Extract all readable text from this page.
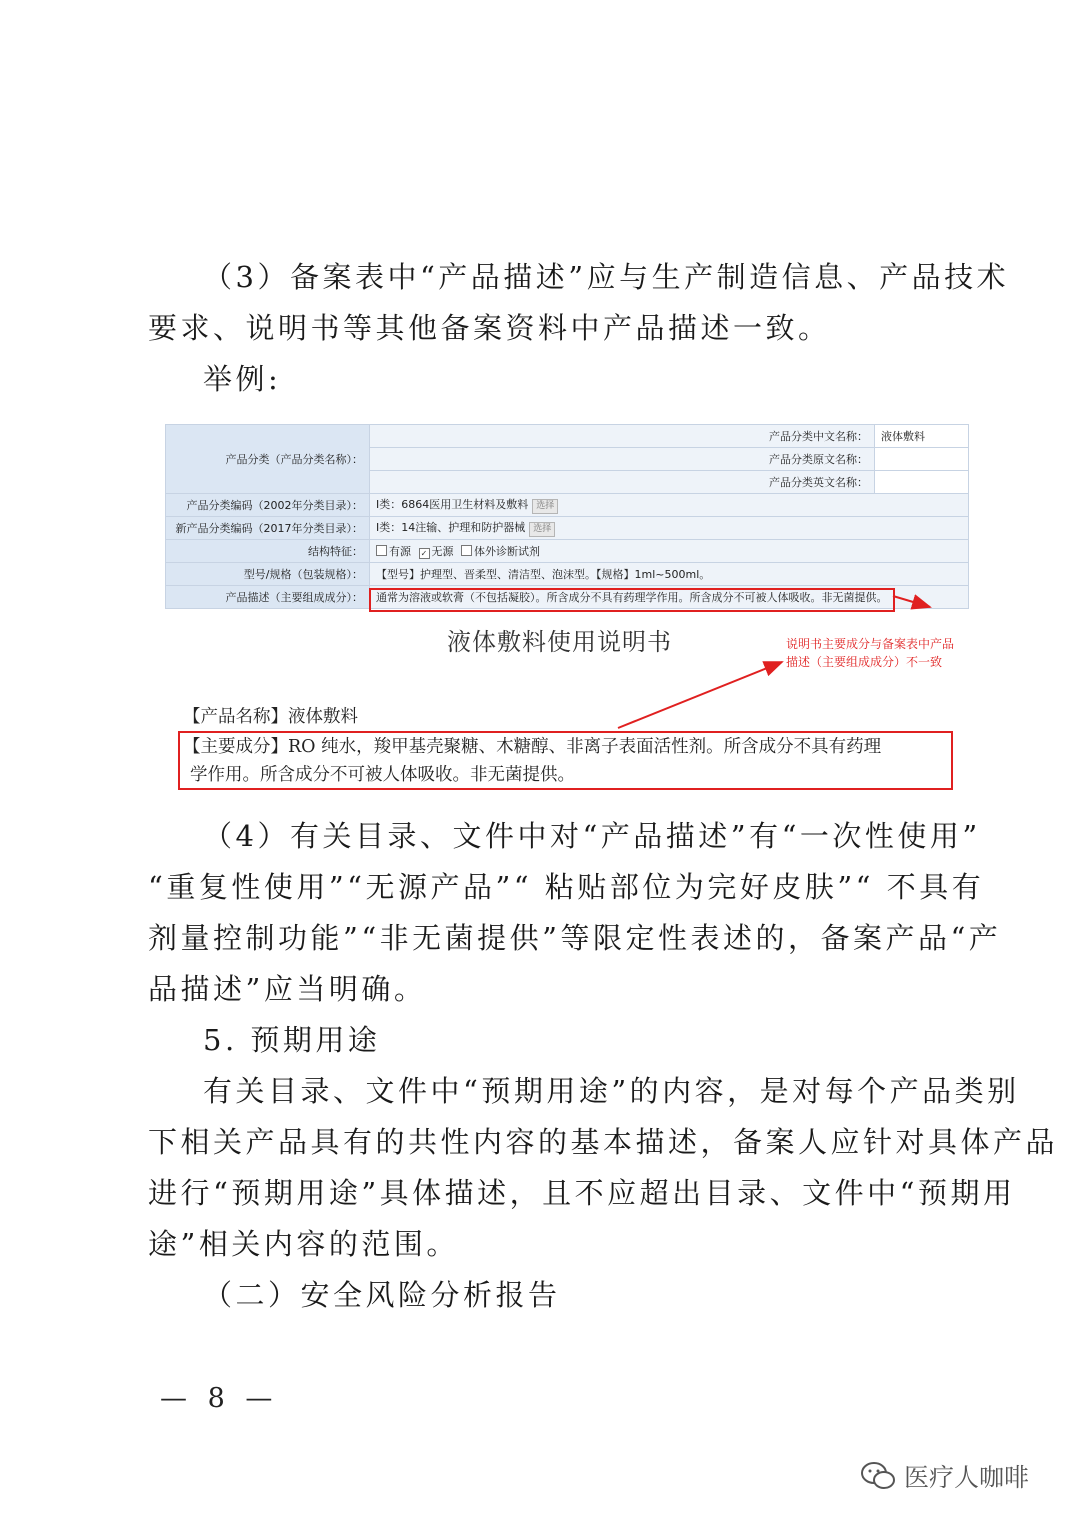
（3）备案表中“产品描述”应与生产制造信息、产品技术
要求、说明书等其他备案资料中产品描述一致。
举例:
产品分类（产品分类名称）：	产品分类中文名称：	液体敷料
	产品分类原文名称：	
	产品分类英文名称：	
产品分类编码（2002年分类目录）：	Ⅰ类：6864医用卫生材料及敷料 选择	
新产品分类编码（2017年分类目录）：	Ⅰ类：14注输、护理和防护器械 选择	
结构特征：	有源 ✓ 无源 体外诊断试剂	
型号/规格（包装规格）：	【型号】护理型、晋柔型、清洁型、泡沫型。【规格】1ml~500ml。	
产品描述（主要组成成分）：	通常为溶液或软膏（不包括凝胶）。所含成分不具有药理学作用。所含成分不可被人体吸收。非无菌提供。	
液体敷料使用说明书	说明书主要成分与备案表中产品
描述（主要组成成分）不一致
【产品名称】液体敷料
【主要成分】RO 纯水，羧甲基壳聚糖、木糖醇、非离子表面活性剂。所含成分不具有药理
学作用。所含成分不可被人体吸收。非无菌提供。
（4）有关目录、文件中对“产品描述”有“一次性使用”
“重复性使用”“无源产品”“ 粘贴部位为完好皮肤”“ 不具有
剂量控制功能”“非无菌提供”等限定性表述的，备案产品“产
品描述”应当明确。
5. 预期用途
有关目录、文件中“预期用途”的内容，是对每个产品类别
下相关产品具有的共性内容的基本描述，备案人应针对具体产品
进行“预期用途”具体描述，且不应超出目录、文件中“预期用
途”相关内容的范围。
（二）安全风险分析报告
— 8 —
医疗人咖啡
